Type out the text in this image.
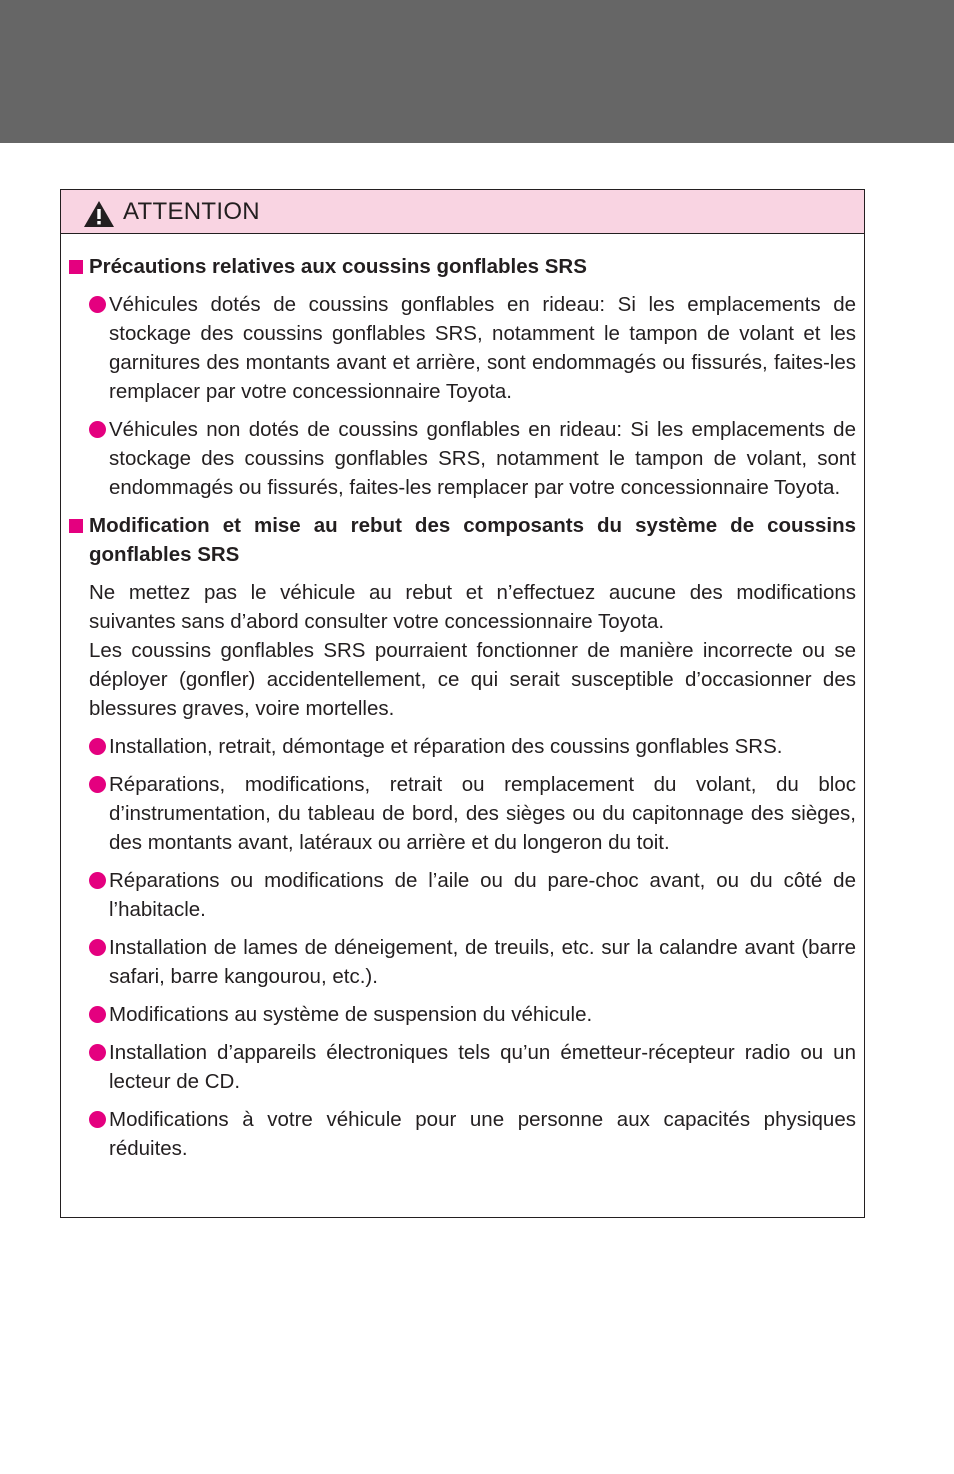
ATTENTION
Précautions relatives aux coussins gonflables SRS
Véhicules dotés de coussins gonflables en rideau: Si les emplacements de stockage des coussins gonflables SRS, notamment le tampon de volant et les garnitures des montants avant et arrière, sont endommagés ou fissurés, faites-les remplacer par votre concessionnaire Toyota.
Véhicules non dotés de coussins gonflables en rideau: Si les emplacements de stockage des coussins gonflables SRS, notamment le tampon de volant, sont endommagés ou fissurés, faites-les remplacer par votre concessionnaire Toyota.
Modification et mise au rebut des composants du système de coussins gonflables SRS
Ne mettez pas le véhicule au rebut et n’effectuez aucune des modifications suivantes sans d’abord consulter votre concessionnaire Toyota.
Les coussins gonflables SRS pourraient fonctionner de manière incorrecte ou se déployer (gonfler) accidentellement, ce qui serait susceptible d’occasionner des blessures graves, voire mortelles.
Installation, retrait, démontage et réparation des coussins gonflables SRS.
Réparations, modifications, retrait ou remplacement du volant, du bloc d’instrumentation, du tableau de bord, des sièges ou du capitonnage des sièges, des montants avant, latéraux ou arrière et du longeron du toit.
Réparations ou modifications de l’aile ou du pare-choc avant, ou du côté de l’habitacle.
Installation de lames de déneigement, de treuils, etc. sur la calandre avant (barre safari, barre kangourou, etc.).
Modifications au système de suspension du véhicule.
Installation d’appareils électroniques tels qu’un émetteur-récepteur radio ou un lecteur de CD.
Modifications à votre véhicule pour une personne aux capacités physiques réduites.
